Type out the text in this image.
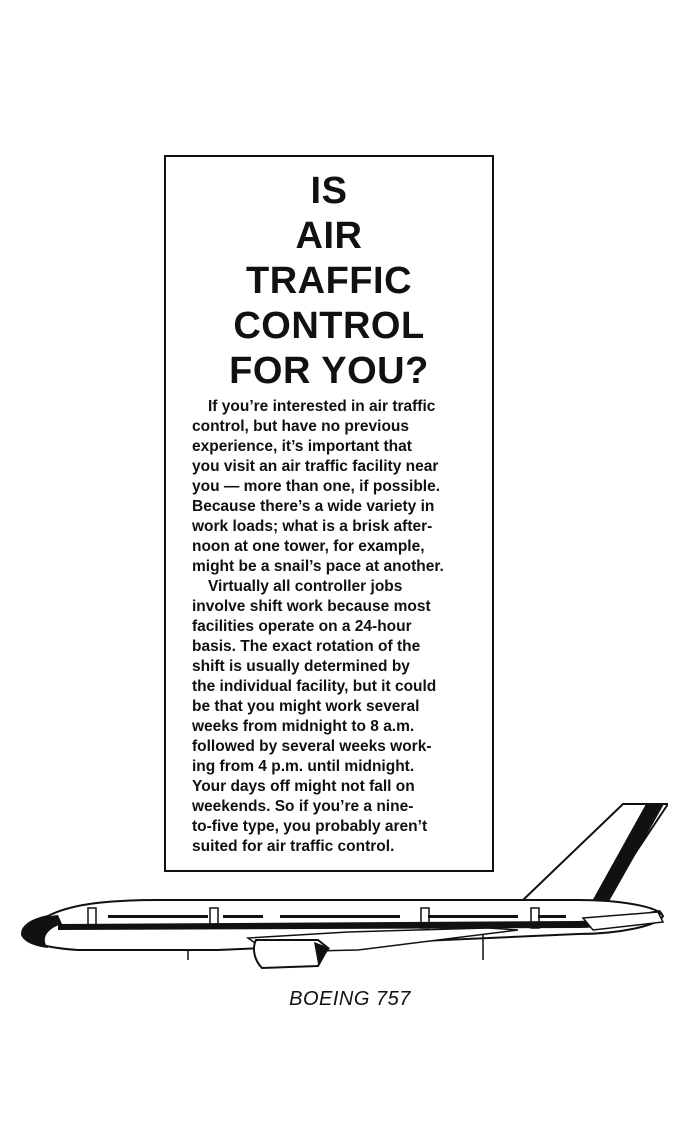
IS
AIR
TRAFFIC
CONTROL
FOR YOU?
If you’re interested in air traffic
control, but have no previous
experience, it’s important that
you visit an air traffic facility near
you — more than one, if possible.
Because there’s a wide variety in
work loads; what is a brisk after-
noon at one tower, for example,
might be a snail’s pace at another.
Virtually all controller jobs
involve shift work because most
facilities operate on a 24-hour
basis. The exact rotation of the
shift is usually determined by
the individual facility, but it could
be that you might work several
weeks from midnight to 8 a.m.
followed by several weeks work-
ing from 4 p.m. until midnight.
Your days off might not fall on
weekends. So if you’re a nine-
to-five type, you probably aren’t
suited for air traffic control.
BOEING 757
